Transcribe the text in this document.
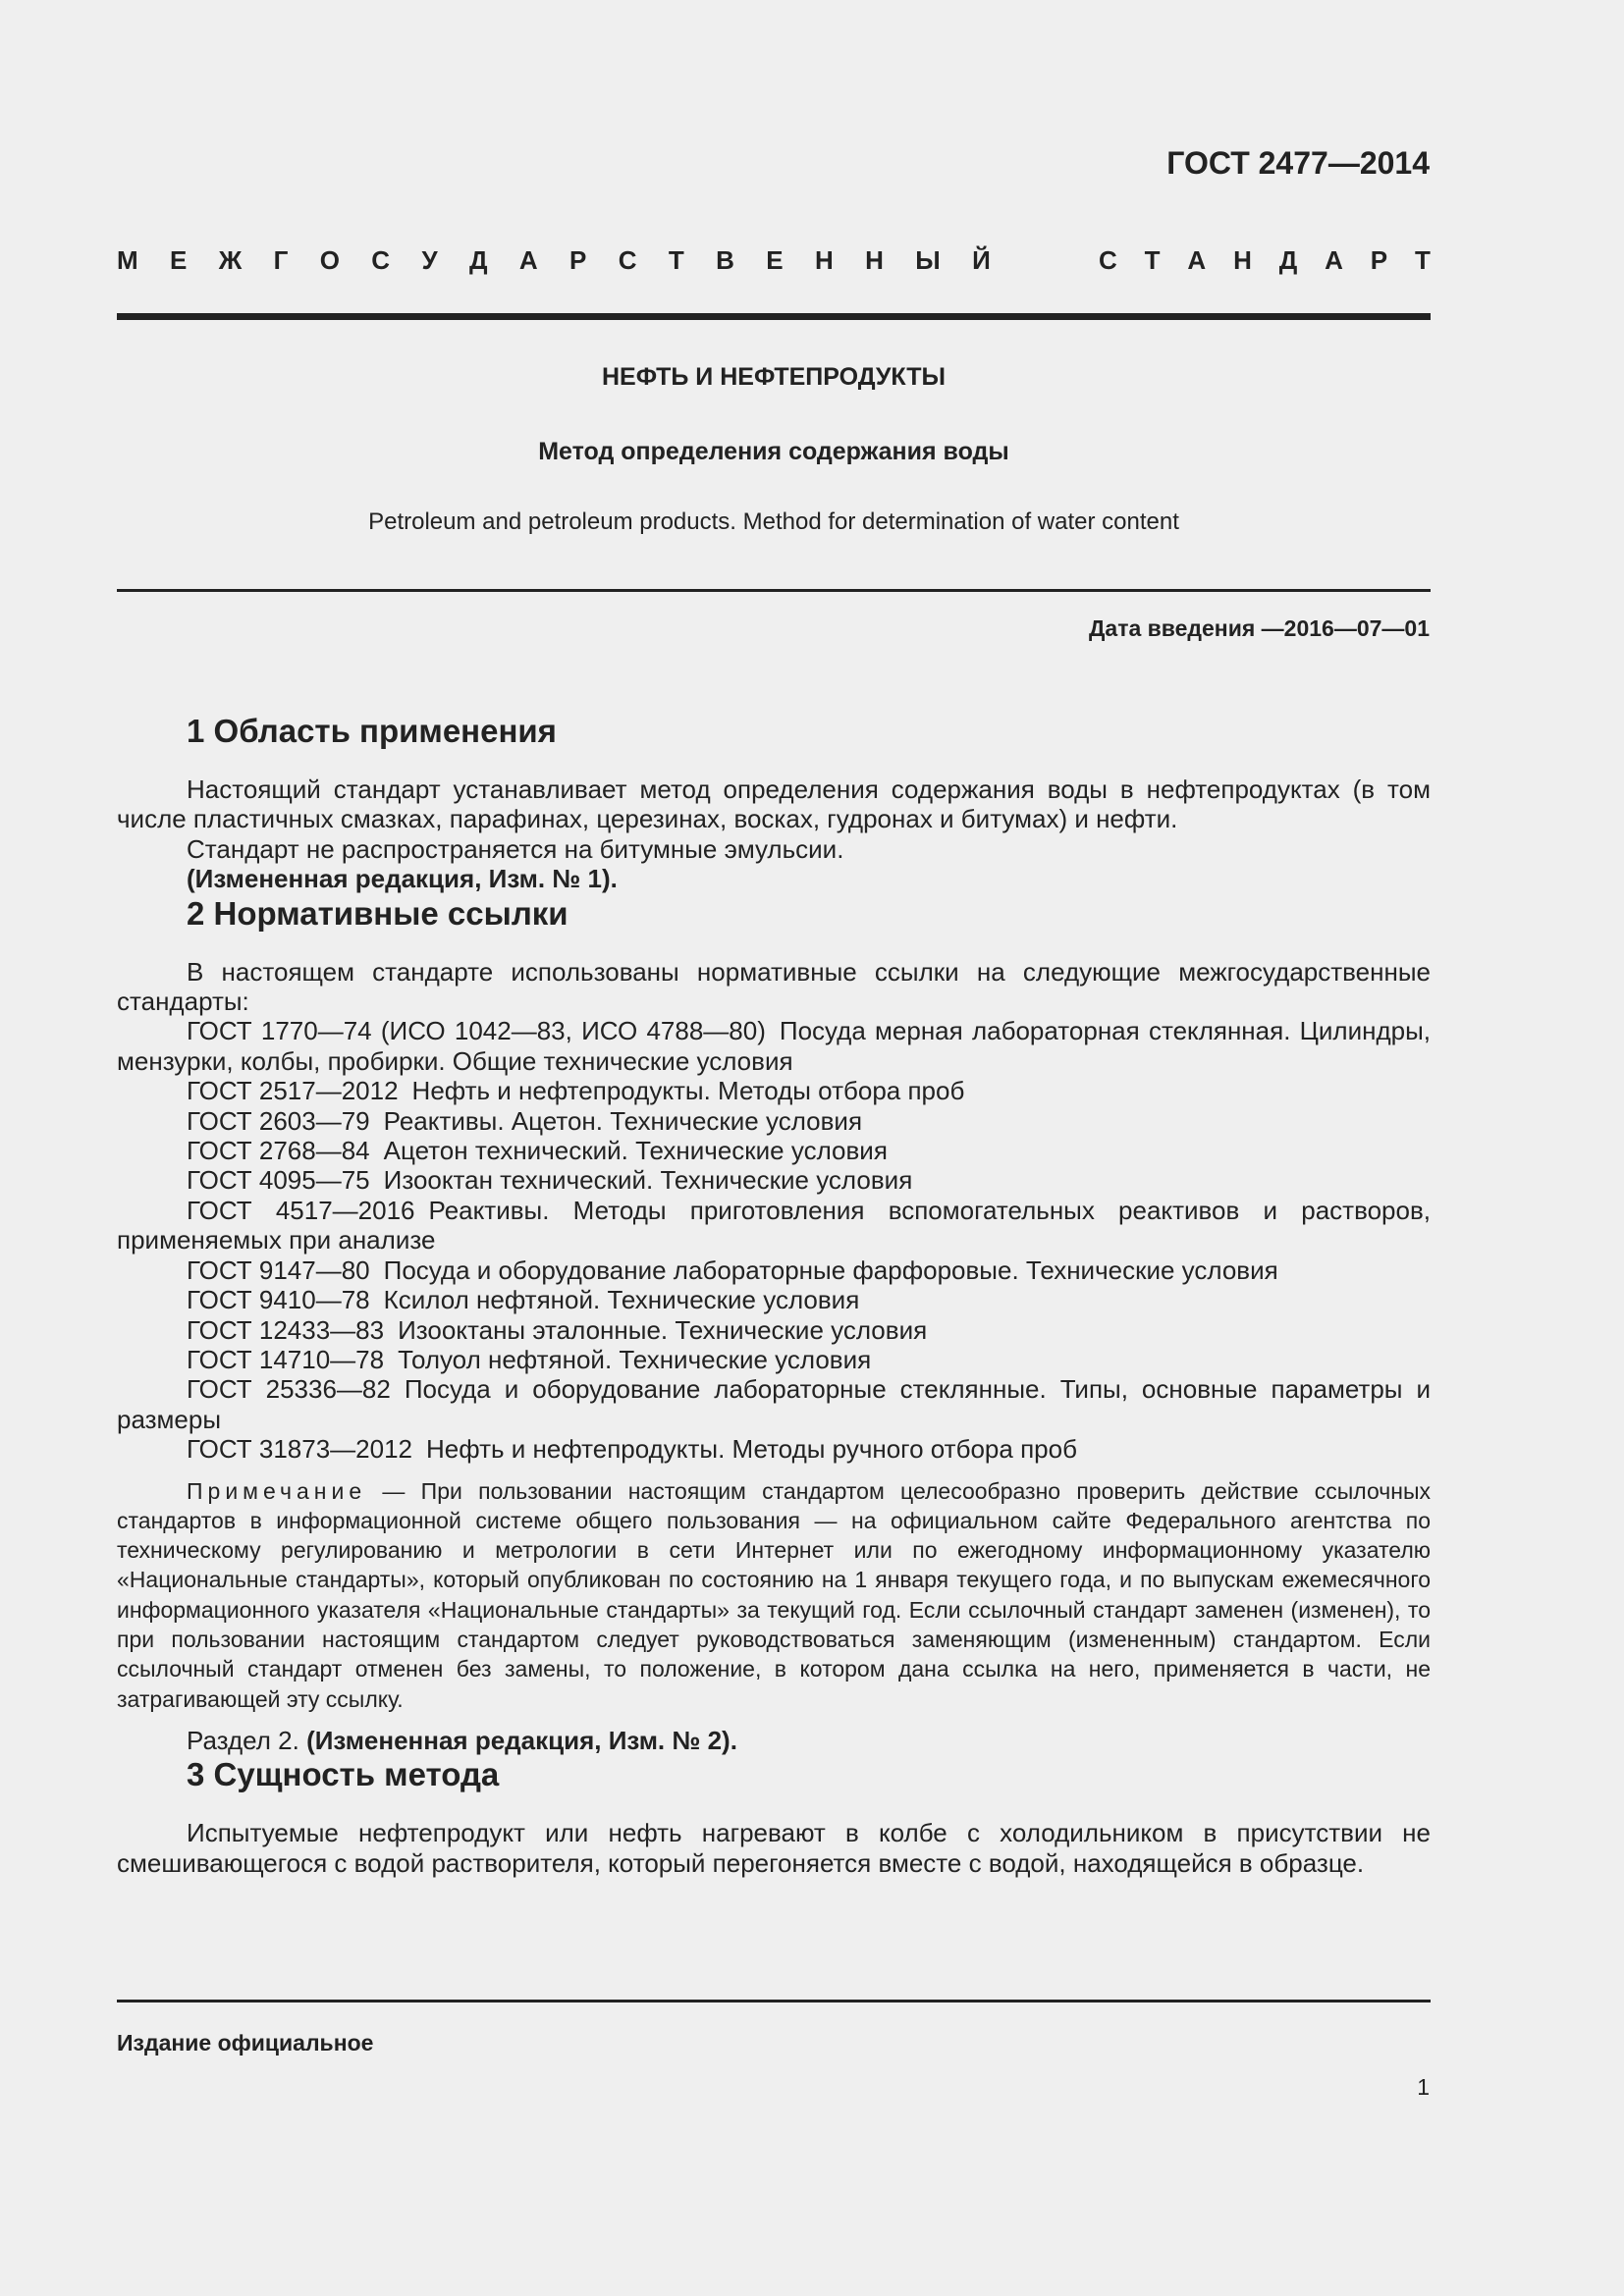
ГОСТ 2477—2014
М Е Ж Г О С У Д А Р С Т В Е Н Н Ы Й	С Т А Н Д А Р Т
НЕФТЬ И НЕФТЕПРОДУКТЫ
Метод определения содержания воды
Petroleum and petroleum products. Method for determination of water content
Дата введения —2016—07—01
1 Область применения

Настоящий стандарт устанавливает метод определения содержания воды в нефтепродуктах (в том числе пластичных смазках, парафинах, церезинах, восках, гудронах и битумах) и нефти.

Стандарт не распространяется на битумные эмульсии.

(Измененная редакция, Изм. № 1).

2 Нормативные ссылки

В настоящем стандарте использованы нормативные ссылки на следующие межгосударственные стандарты:

ГОСТ 1770—74 (ИСО 1042—83, ИСО 4788—80) Посуда мерная лабораторная стеклянная. Цилиндры, мензурки, колбы, пробирки. Общие технические условия

ГОСТ 2517—2012 Нефть и нефтепродукты. Методы отбора проб

ГОСТ 2603—79 Реактивы. Ацетон. Технические условия

ГОСТ 2768—84 Ацетон технический. Технические условия

ГОСТ 4095—75 Изооктан технический. Технические условия

ГОСТ 4517—2016 Реактивы. Методы приготовления вспомогательных реактивов и растворов, применяемых при анализе

ГОСТ 9147—80 Посуда и оборудование лабораторные фарфоровые. Технические условия

ГОСТ 9410—78 Ксилол нефтяной. Технические условия

ГОСТ 12433—83 Изооктаны эталонные. Технические условия

ГОСТ 14710—78 Толуол нефтяной. Технические условия

ГОСТ 25336—82 Посуда и оборудование лабораторные стеклянные. Типы, основные параметры и размеры

ГОСТ 31873—2012 Нефть и нефтепродукты. Методы ручного отбора проб

Примечание — При пользовании настоящим стандартом целесообразно проверить действие ссылочных стандартов в информационной системе общего пользования — на официальном сайте Федерального агентства по техническому регулированию и метрологии в сети Интернет или по ежегодному информационному указателю «Национальные стандарты», который опубликован по состоянию на 1 января текущего года, и по выпускам ежемесячного информационного указателя «Национальные стандарты» за текущий год. Если ссылочный стандарт заменен (изменен), то при пользовании настоящим стандартом следует руководствоваться заменяющим (измененным) стандартом. Если ссылочный стандарт отменен без замены, то положение, в котором дана ссылка на него, применяется в части, не затрагивающей эту ссылку.

Раздел 2. (Измененная редакция, Изм. № 2).

3 Сущность метода

Испытуемые нефтепродукт или нефть нагревают в колбе с холодильником в присутствии не смешивающегося с водой растворителя, который перегоняется вместе с водой, находящейся в образце.

Издание официальное
1
